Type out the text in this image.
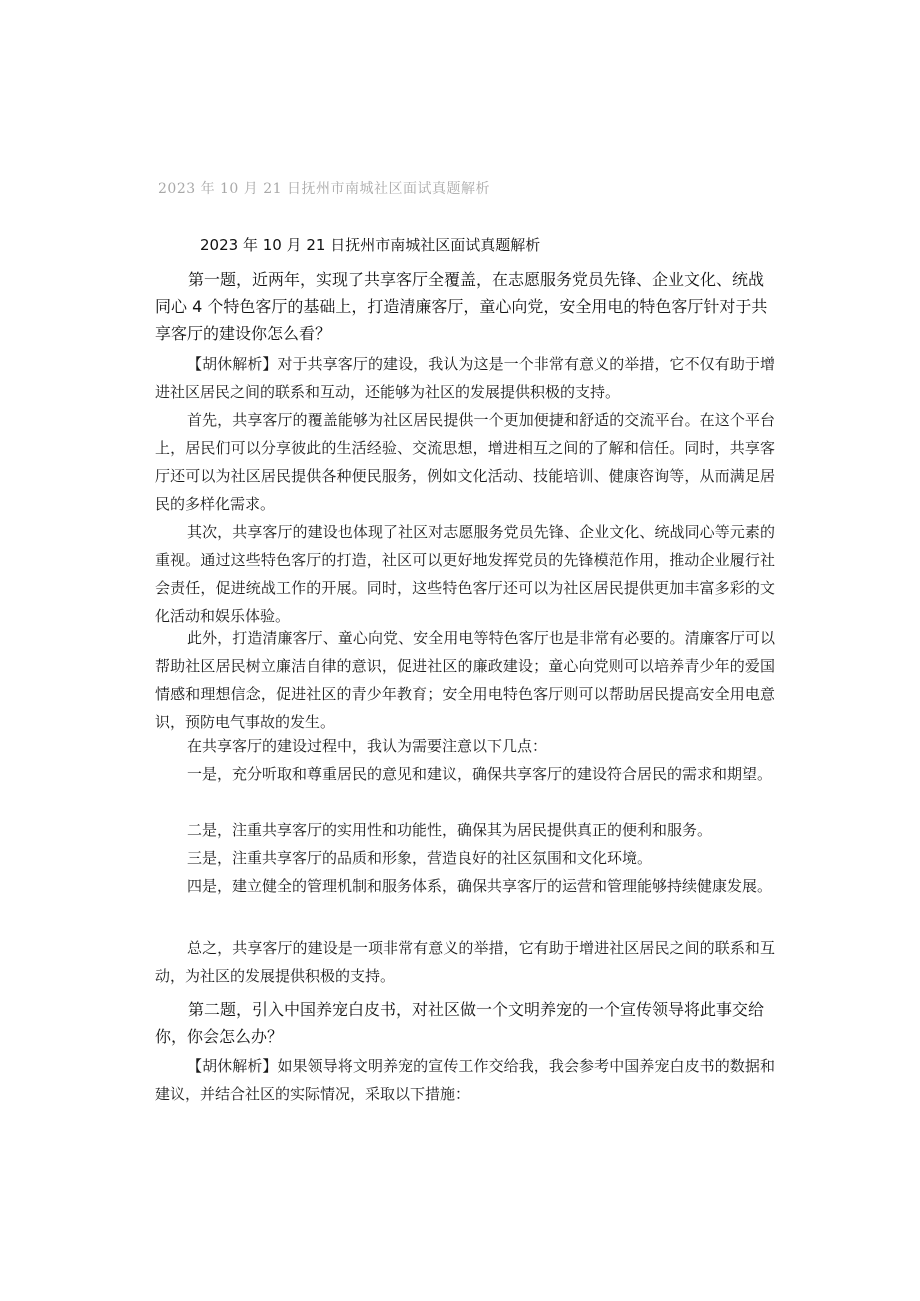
2023 年 10 月 21 日抚州市南城社区面试真题解析
2023 年 10 月 21 日抚州市南城社区面试真题解析

第一题，近两年，实现了共享客厅全覆盖，在志愿服务党员先锋、企业文化、统战同心 4 个特色客厅的基础上，打造清廉客厅，童心向党，安全用电的特色客厅针对于共享客厅的建设你怎么看？

【胡休解析】对于共享客厅的建设，我认为这是一个非常有意义的举措，它不仅有助于增进社区居民之间的联系和互动，还能够为社区的发展提供积极的支持。

首先，共享客厅的覆盖能够为社区居民提供一个更加便捷和舒适的交流平台。在这个平台上，居民们可以分享彼此的生活经验、交流思想，增进相互之间的了解和信任。同时，共享客厅还可以为社区居民提供各种便民服务，例如文化活动、技能培训、健康咨询等，从而满足居民的多样化需求。

其次，共享客厅的建设也体现了社区对志愿服务党员先锋、企业文化、统战同心等元素的重视。通过这些特色客厅的打造，社区可以更好地发挥党员的先锋模范作用，推动企业履行社会责任，促进统战工作的开展。同时，这些特色客厅还可以为社区居民提供更加丰富多彩的文化活动和娱乐体验。

此外，打造清廉客厅、童心向党、安全用电等特色客厅也是非常有必要的。清廉客厅可以帮助社区居民树立廉洁自律的意识，促进社区的廉政建设；童心向党则可以培养青少年的爱国情感和理想信念，促进社区的青少年教育；安全用电特色客厅则可以帮助居民提高安全用电意识，预防电气事故的发生。

在共享客厅的建设过程中，我认为需要注意以下几点：

一是，充分听取和尊重居民的意见和建议，确保共享客厅的建设符合居民的需求和期望。

二是，注重共享客厅的实用性和功能性，确保其为居民提供真正的便利和服务。

三是，注重共享客厅的品质和形象，营造良好的社区氛围和文化环境。

四是，建立健全的管理机制和服务体系，确保共享客厅的运营和管理能够持续健康发展。

总之，共享客厅的建设是一项非常有意义的举措，它有助于增进社区居民之间的联系和互动，为社区的发展提供积极的支持。

第二题，引入中国养宠白皮书，对社区做一个文明养宠的一个宣传领导将此事交给你，你会怎么办？

【胡休解析】如果领导将文明养宠的宣传工作交给我，我会参考中国养宠白皮书的数据和建议，并结合社区的实际情况，采取以下措施：
